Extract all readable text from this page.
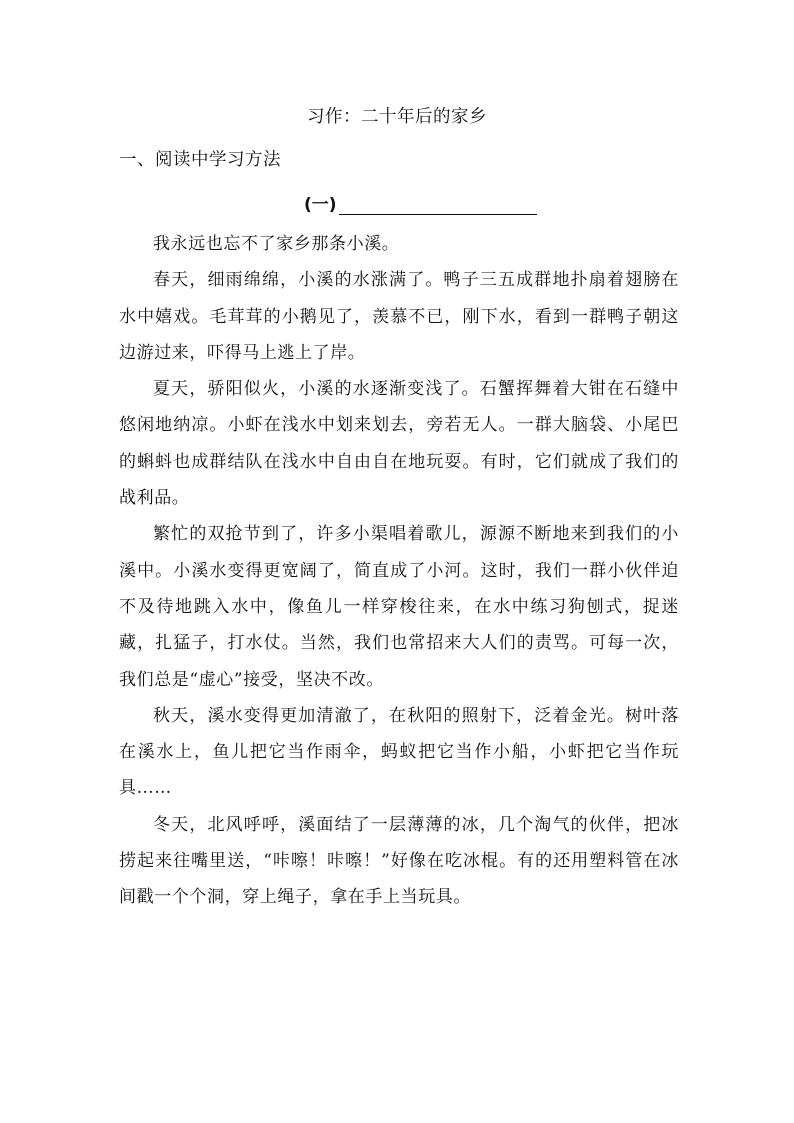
习作：二十年后的家乡
一、阅读中学习方法
(一)

我永远也忘不了家乡那条小溪。

春天，细雨绵绵，小溪的水涨满了。鸭子三五成群地扑扇着翅膀在水中嬉戏。毛茸茸的小鹅见了，羡慕不已，刚下水，看到一群鸭子朝这边游过来，吓得马上逃上了岸。

夏天，骄阳似火，小溪的水逐渐变浅了。石蟹挥舞着大钳在石缝中悠闲地纳凉。小虾在浅水中划来划去，旁若无人。一群大脑袋、小尾巴的蝌蚪也成群结队在浅水中自由自在地玩耍。有时，它们就成了我们的战利品。

繁忙的双抢节到了，许多小渠唱着歌儿，源源不断地来到我们的小溪中。小溪水变得更宽阔了，简直成了小河。这时，我们一群小伙伴迫不及待地跳入水中，像鱼儿一样穿梭往来，在水中练习狗刨式，捉迷藏，扎猛子，打水仗。当然，我们也常招来大人们的责骂。可每一次，我们总是“虚心”接受，坚决不改。

秋天，溪水变得更加清澈了，在秋阳的照射下，泛着金光。树叶落在溪水上，鱼儿把它当作雨伞，蚂蚁把它当作小船，小虾把它当作玩具……

冬天，北风呼呼，溪面结了一层薄薄的冰，几个淘气的伙伴，把冰捞起来往嘴里送，“咔嚓！咔嚓！”好像在吃冰棍。有的还用塑料管在冰间戳一个个洞，穿上绳子，拿在手上当玩具。
